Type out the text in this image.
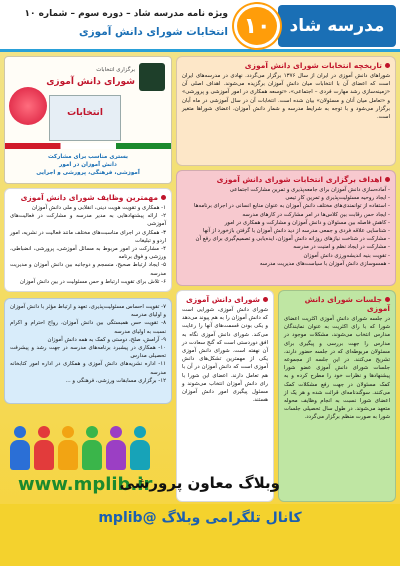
مدرسه شاد
۱۰
ویژه نامه مدرسه شاد – دوره سوم – شماره ۱۰
انتخابات شورای دانش آموزی
تاریخچه انتخابات شورای دانش آموزی
شوراهای دانش آموزی در ایران از سال ۱۳۷۶ برگزار می‌گردد. نهادی در مدرسه‌های ایران است که اعضای آن با انتخابات میان دانش آموزان برگزیده می‌شوند. اهداف اصلی آن «زمینه‌سازی رشد مهارت فردی – اجتماعی»، «توسعه همکاری در امور آموزشی و پرورشی» و «تعامل میان آنان و مسئولان» بیان شده است. انتخابات آن در سال آموزشی در ماه آبان برگزار می‌شود و با توجه به شرایط مدرسه و شمار دانش آموزان، اعضای شوراها متغیر است.
اهداف برگزاری انتخابات شورای دانش آموزی
- آماده‌سازی دانش آموزان برای جامعه‌پذیری و تمرین مشارکت اجتماعی
- ایجاد روحیه مسئولیت‌پذیری و تمرین کار تیمی
- استفاده از توانمندی‌های مختلف دانش آموزان به عنوان منابع انسانی در اجرای برنامه‌ها
- ایجاد حس رقابت بین کلاس‌ها در امر مشارکت در کارهای مدرسه
- کاهش فاصله بین مسئولان و دانش آموزان و مشارکت و همکاری در امور
- شناسایی علاقه فردی و جمعی مدرسه از دید دانش آموزان با گرفتن بازخورد از آنها
- مشارکت در شناخت نیازهای روزانه دانش آموزان، ایده‌یابی و تصمیم‌گیری برای رفع آن
- مشارکت در ایجاد نظم و امنیت در مدرسه
- تقویت بنیه اندیشه‌ورزی دانش آموزان
- همسوسازی دانش آموزان با سیاست‌های مدیریت مدرسه
جلسات شورای دانش آموزی
در جلسه شورای دانش آموزی اکثریت اعضای شورا که با رای اکثریت به عنوان نمایندگان مدارس انتخاب می‌شوند، مشکلات موجود در مدارس را جهت بررسی و پیگیری برای مسئولان مربوطه‌ای که در جلسه حضور دارند، تشریح می‌کنند. در این جلسه از مجموعه جلسات شورای دانش آموزی عضو شورا پیشنهادها و نظرات خود را مطرح کرده و به کمک مسئولان در جهت رفع مشکلات کمک می‌کنند. سوگندنامه‌ای قرائت شده و هر یک از اعضای شورا نسبت به انجام وظایف محوله متعهد می‌شوند. در طول سال تحصیلی جلسات شورا به صورت منظم برگزار می‌گردد.
شورای دانش آموزی
شورای دانش آموزی، شورایی است که دانش آموزان را به هم پیوند می‌دهد و یکی بودن قسمت‌های آنها را رعایت می‌کند. شورای دانش آموزی نگاه به افق دوردستی است که گنج سعادت در آن نهفته است. شورای دانش آموزی یکی از مهمترین تشکل‌های دانش آموزی است که دانش آموزان در آن با هم تعامل دارند. اعضای این شورا با رای دانش آموزان انتخاب می‌شوند و مسئول پیگیری امور دانش آموزان هستند.
برگزاری انتخابات
شورای دانش آموزی
انتخابات
بستری مناسب برای مشارکت
دانش آموزان در امور
آموزشی، فرهنگی، پرورشی و اجرایی
مهمترین وظایف شورای دانش آموزی
۱- همکاری و تقویت هویت دینی، انقلابی و ملی دانش آموزان
۲- ارائه پیشنهادهایی به مدیر مدرسه و مشارکت در فعالیت‌های آموزشی
۳- همکاری در اجرای مناسبت‌های مختلف مانند فعالیت در نشریه، امور اردو و تبلیغات
۴- مشارکت در امور مربوط به مسائل آموزشی، پرورشی، انضباطی، ورزشی و فوق برنامه
۵- ایجاد ارتباط صحیح، منسجم و دوجانبه بین دانش آموزان و مدیریت مدرسه
۶- تلاش برای تقویت ارتباط و حس مسئولیت در بین دانش آموزان
۷- تقویت احساس مسئولیت‌پذیری، تعهد و ارتباط مؤثر با دانش آموزان و اولیای مدرسه
۸- تقویت حس همبستگی بین دانش آموزان، رواج احترام و اکرام نسبت به اولیای مدرسه
۹- آرامش، صلح، دوستی و کمک به همه دانش آموزان
۱۰- همکاری در پیشبرد برنامه‌های مدرسه در جهت رشد و پیشرفت تحصیلی مدارس
۱۱- اداره نشریه‌های دانش آموزی و همکاری در اداره امور کتابخانه مدرسه
۱۲- برگزاری مسابقات ورزشی، فرهنگی و ...
www.mplib.ir
وبلاگ معاون پرورشی
کانال تلگرامی وبلاگ @mplib
